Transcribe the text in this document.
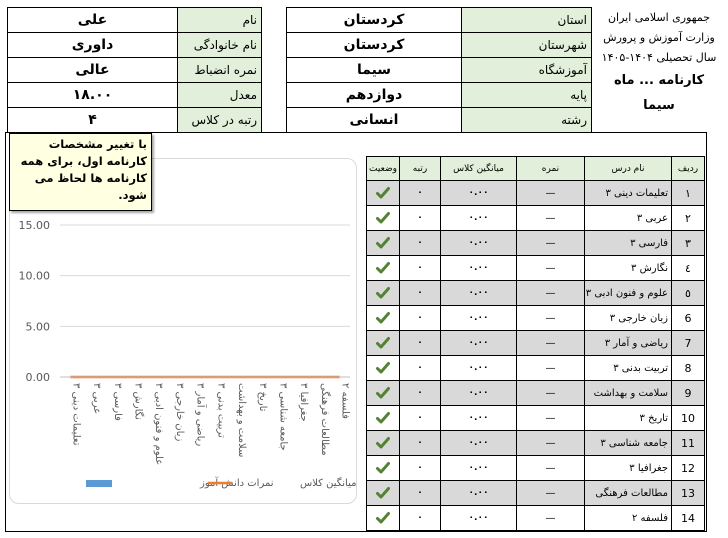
جمهوری اسلامی ایران
وزارت آموزش و پرورش
سال تحصیلی ۱۴۰۴-۱۴۰۵
کارنامه ... ماه
سیما
کردستان	استان
کردستان	شهرستان
سیما	آموزشگاه
دوازدهم	پایه
انسانی	رشته
علی	نام
داوری	نام خانوادگی
عالی	نمره انضباط
۱۸.۰۰	معدل
۴	رتبه در کلاس
وضعیت	رتبه	میانگین کلاس	نمره	نام درس	ردیف
	۰	۰.۰۰	—	تعلیمات دینی ۳	۱
	۰	۰.۰۰	—	عربی ۳	۲
	۰	۰.۰۰	—	فارسی ۳	۳
	۰	۰.۰۰	—	نگارش ۳	٤
	۰	۰.۰۰	—	علوم و فنون ادبی ۳	٥
	۰	۰.۰۰	—	زبان خارجی ۳	6
	۰	۰.۰۰	—	ریاضی و آمار ۳	7
	۰	۰.۰۰	—	تربیت بدنی ۳	8
	۰	۰.۰۰	—	سلامت و بهداشت	9
	۰	۰.۰۰	—	تاریخ ۳	10
	۰	۰.۰۰	—	جامعه شناسی ۳	11
	۰	۰.۰۰	—	جغرافیا ۳	12
	۰	۰.۰۰	—	مطالعات فرهنگی	13
	۰	۰.۰۰	—	فلسفه ۲	14
0.00
5.00
10.00
15.00
تعلیمات دینی ۳
عربی ۳
فارسی ۳
نگارش ۳
علوم و فنون ادبی ۳
زبان خارجی ۳
ریاضی و آمار ۳
تربیت بدنی ۳ سلامت و بهداشت تاریخ ۳
جامعه شناسی ۳
جغرافیا ۳ مطالعات فرهنگی فلسفه ۲
نمرات دانش آموز	میانگین کلاس
با تغییر مشخصات کارنامه اول، برای همه کارنامه ها لحاظ می شود.
